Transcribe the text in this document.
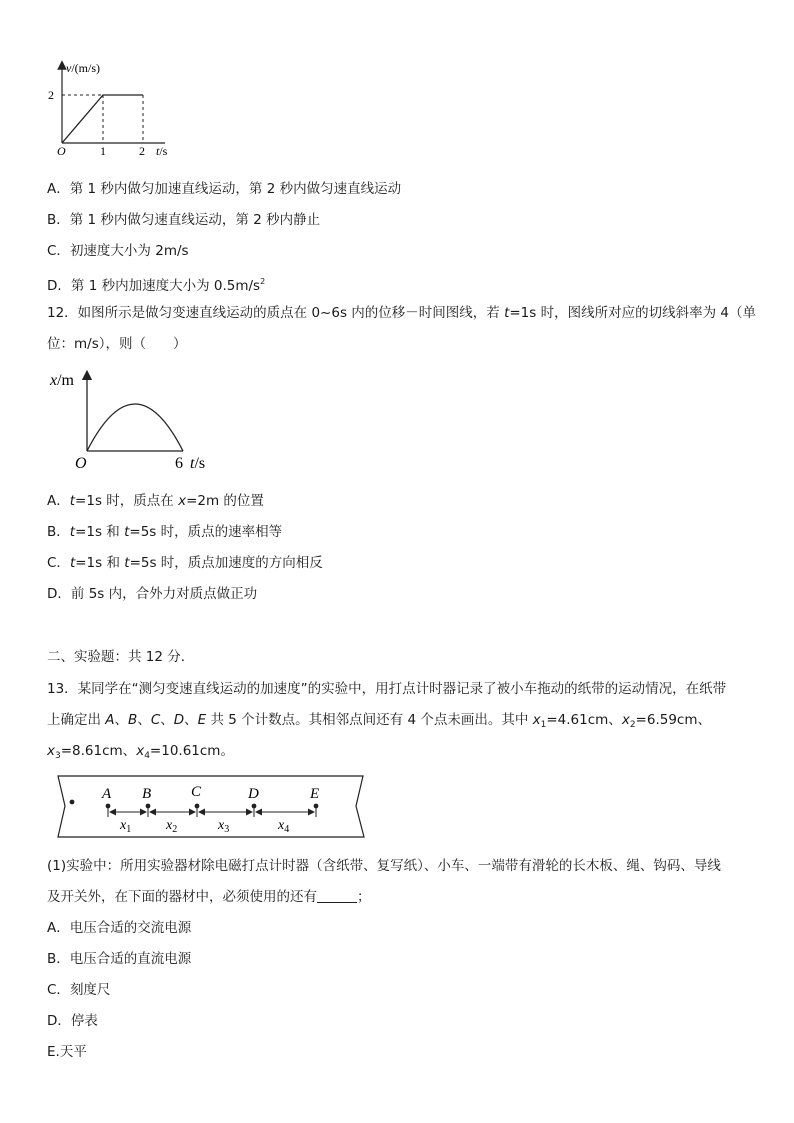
v/(m/s)
2
O	1	2 t/s
A．第 1 秒内做匀加速直线运动，第 2 秒内做匀速直线运动
B．第 1 秒内做匀速直线运动，第 2 秒内静止
C．初速度大小为 2m/s
D．第 1 秒内加速度大小为 $0.5m/s^2$
12．如图所示是做匀变速直线运动的质点在 0~6s 内的位移－时间图线，若 t=1s 时，图线所对应的切线斜率为 4（单
位：m/s），则（　　）
x/m
O	6 t/s
A．t=1s 时，质点在 x=2m 的位置
B．t=1s 和 t=5s 时，质点的速率相等
C．t=1s 和 t=5s 时，质点加速度的方向相反
D．前 5s 内，合外力对质点做正功
二、实验题：共 12 分．
13．某同学在“测匀变速直线运动的加速度”的实验中，用打点计时器记录了被小车拖动的纸带的运动情况，在纸带
上确定出 A、B、C、D、E 共 5 个计数点。其相邻点间还有 4 个点未画出。其中 $x_1=4.61cm$、$x_2=6.59cm$、
$x_3=8.61cm$、$x_4=10.61cm$。
A B	C	D	E
$x_1$ $x_2$	$x_3$	$x_4$
(1)实验中：所用实验器材除电磁打点计时器（含纸带、复写纸）、小车、一端带有滑轮的长木板、绳、钩码、导线
及开关外，在下面的器材中，必须使用的还有	；
A．电压合适的交流电源
B．电压合适的直流电源
C．刻度尺
D．停表
E.天平
